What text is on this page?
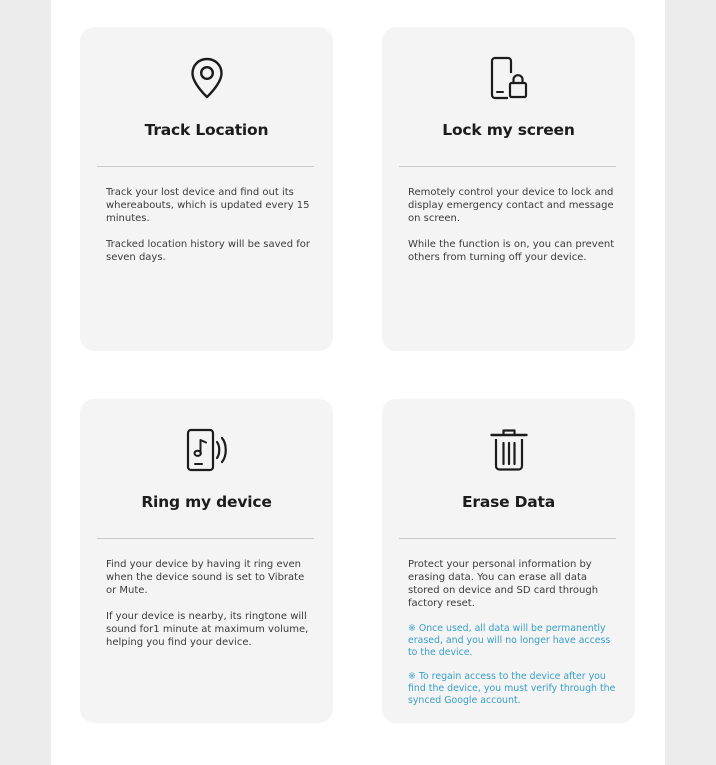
Track Location

Track your lost device and find out its whereabouts, which is updated every 15 minutes.

Tracked location history will be saved for seven days.

Lock my screen

Remotely control your device to lock and display emergency contact and message on screen.

While the function is on, you can prevent others from turning off your device.

Ring my device

Find your device by having it ring even when the device sound is set to Vibrate or Mute.

If your device is nearby, its ringtone will sound for1 minute at maximum volume, helping you find your device.

Erase Data

Protect your personal information by erasing data. You can erase all data stored on device and SD card through factory reset.

※ Once used, all data will be permanently erased, and you will no longer have access to the device.

※ To regain access to the device after you find the device, you must verify through the synced Google account.
